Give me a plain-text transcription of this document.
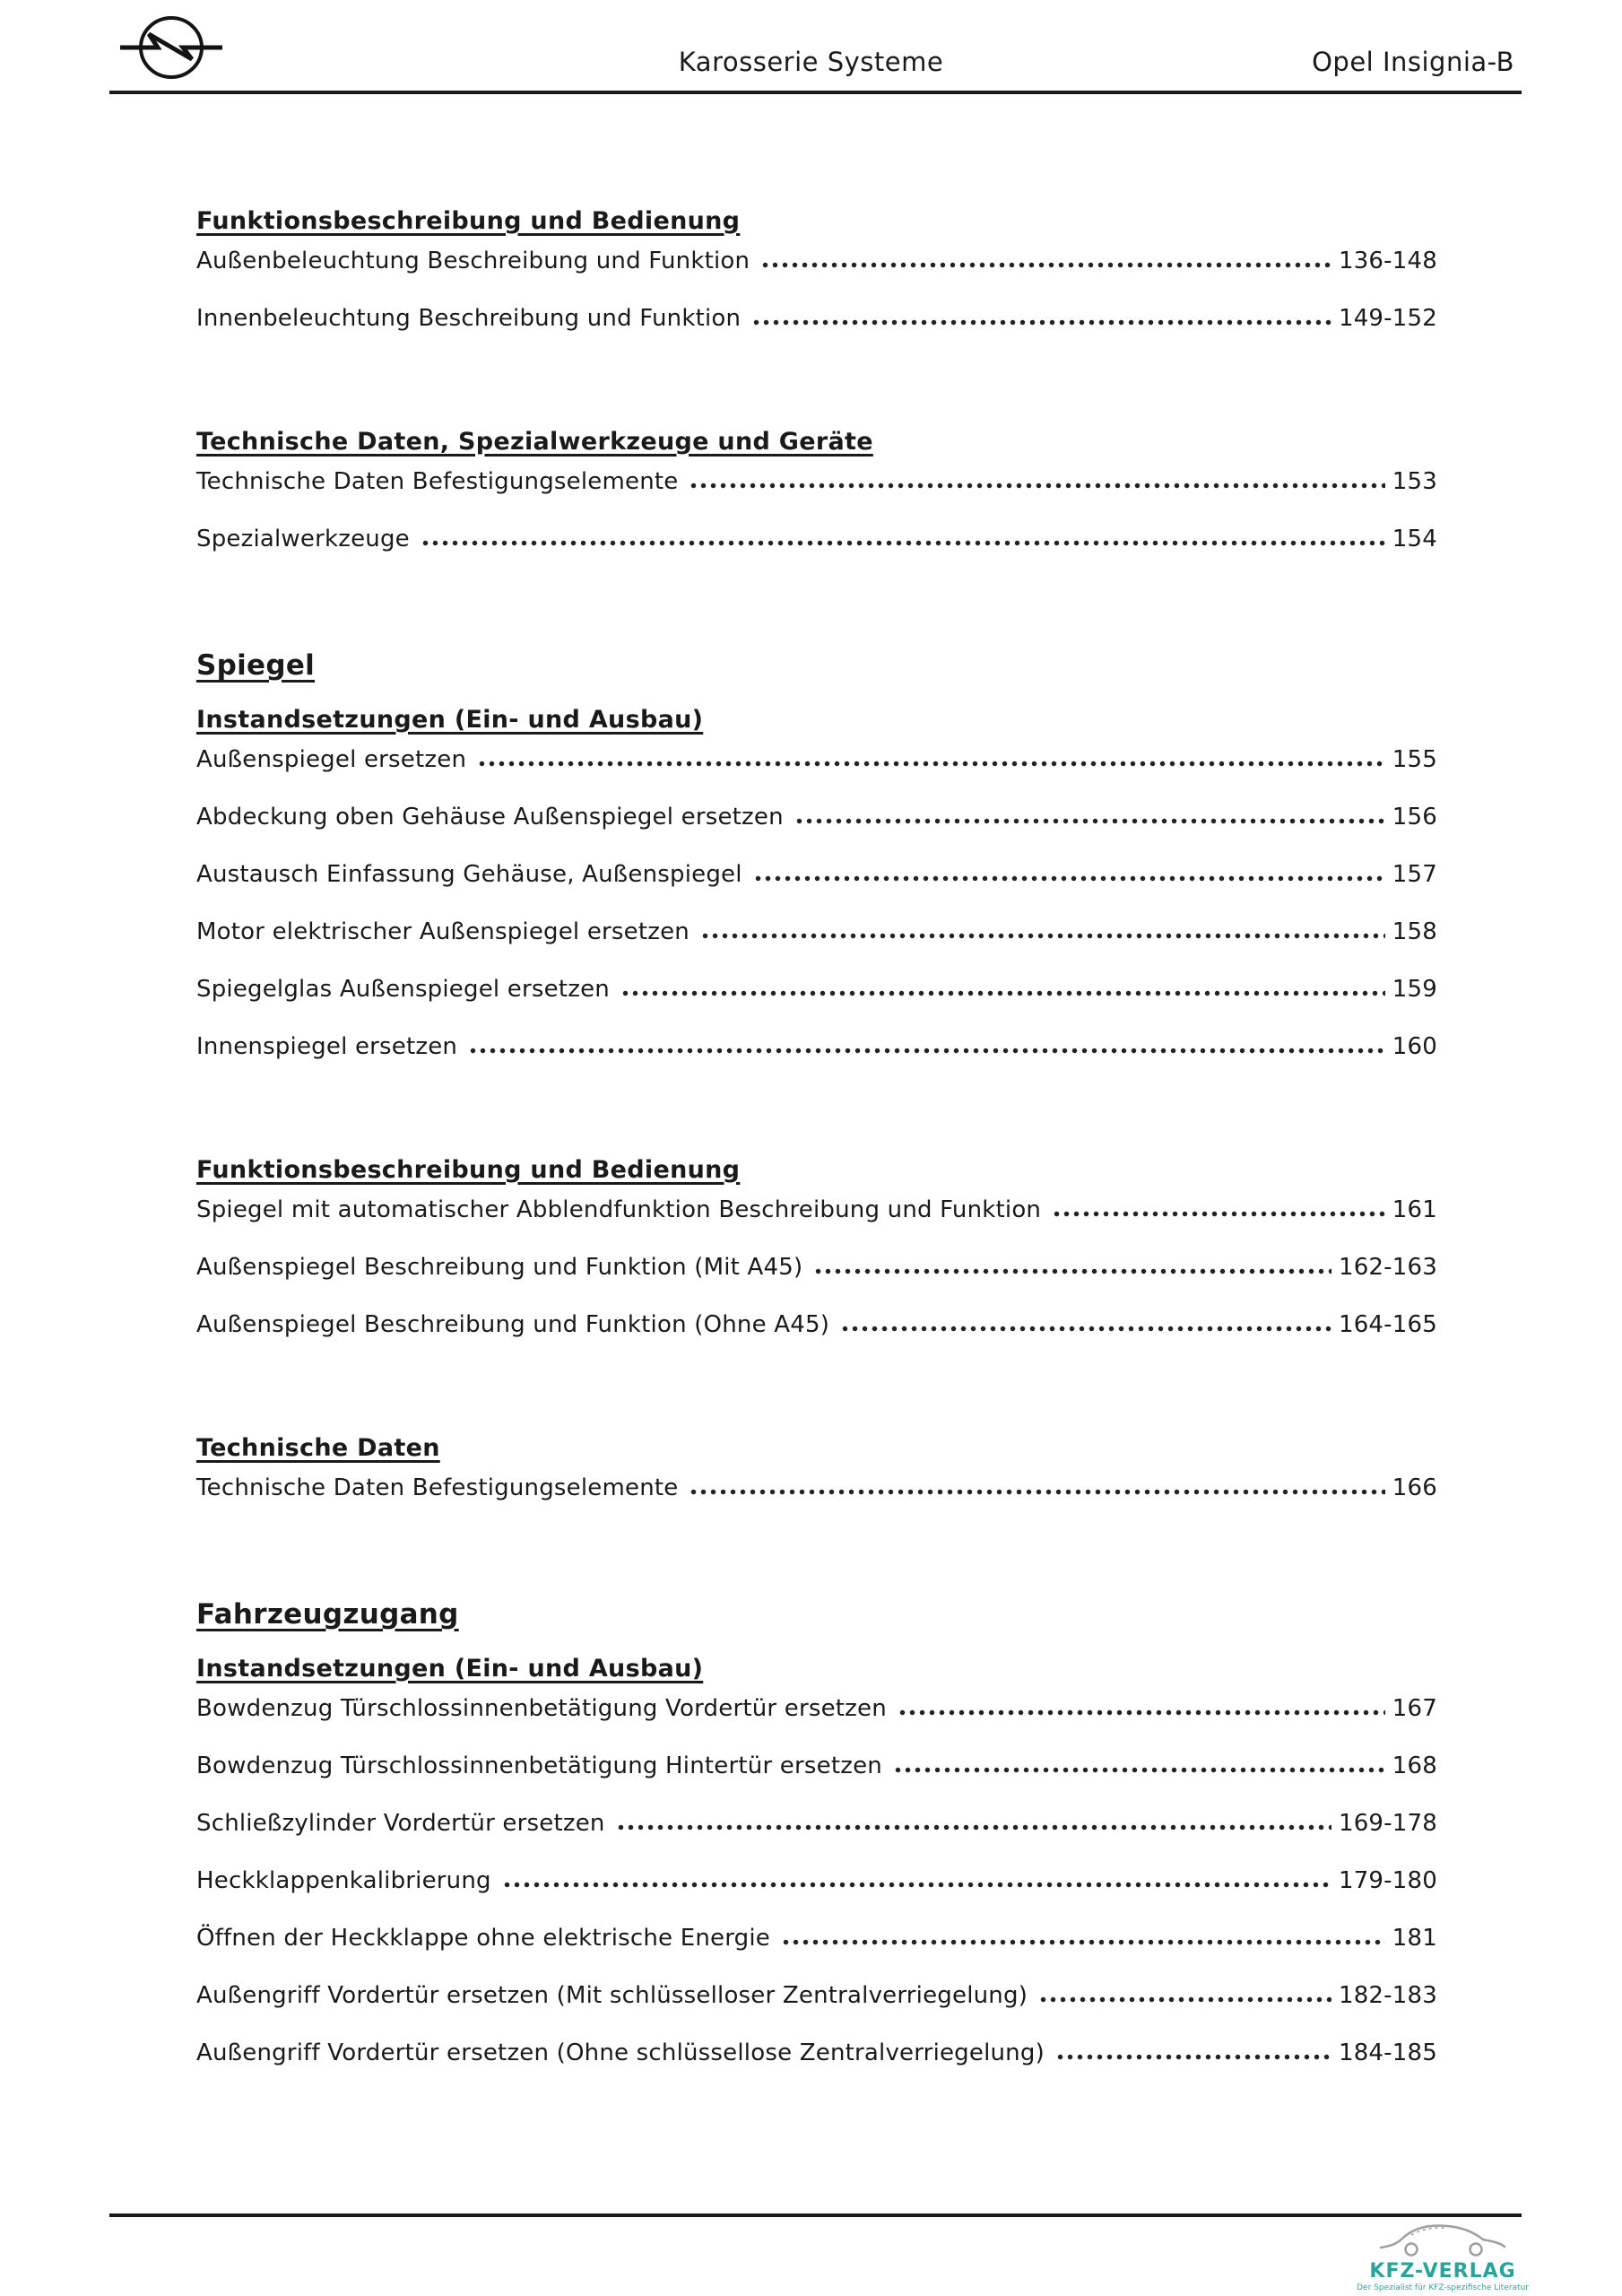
Karosserie Systeme	Opel Insignia-B
Funktionsbeschreibung und Bedienung
Außenbeleuchtung Beschreibung und Funktion	136-148
Innenbeleuchtung Beschreibung und Funktion	149-152
Technische Daten, Spezialwerkzeuge und Geräte
Technische Daten Befestigungselemente	153
Spezialwerkzeuge	154
Spiegel
Instandsetzungen (Ein- und Ausbau)
Außenspiegel ersetzen	155
Abdeckung oben Gehäuse Außenspiegel ersetzen	156
Austausch Einfassung Gehäuse, Außenspiegel	157
Motor elektrischer Außenspiegel ersetzen	158
Spiegelglas Außenspiegel ersetzen	159
Innenspiegel ersetzen	160
Funktionsbeschreibung und Bedienung
Spiegel mit automatischer Abblendfunktion Beschreibung und Funktion	161
Außenspiegel Beschreibung und Funktion (Mit A45)	162-163
Außenspiegel Beschreibung und Funktion (Ohne A45)	164-165
Technische Daten
Technische Daten Befestigungselemente	166
Fahrzeugzugang
Instandsetzungen (Ein- und Ausbau)
Bowdenzug Türschlossinnenbetätigung Vordertür ersetzen	167
Bowdenzug Türschlossinnenbetätigung Hintertür ersetzen	168
Schließzylinder Vordertür ersetzen	169-178
Heckklappenkalibrierung	179-180
Öffnen der Heckklappe ohne elektrische Energie	181
Außengriff Vordertür ersetzen (Mit schlüsselloser Zentralverriegelung)	182-183
Außengriff Vordertür ersetzen (Ohne schlüssellose Zentralverriegelung)	184-185
KFZ-VERLAG
Der Spezialist für KFZ-spezifische Literatur
